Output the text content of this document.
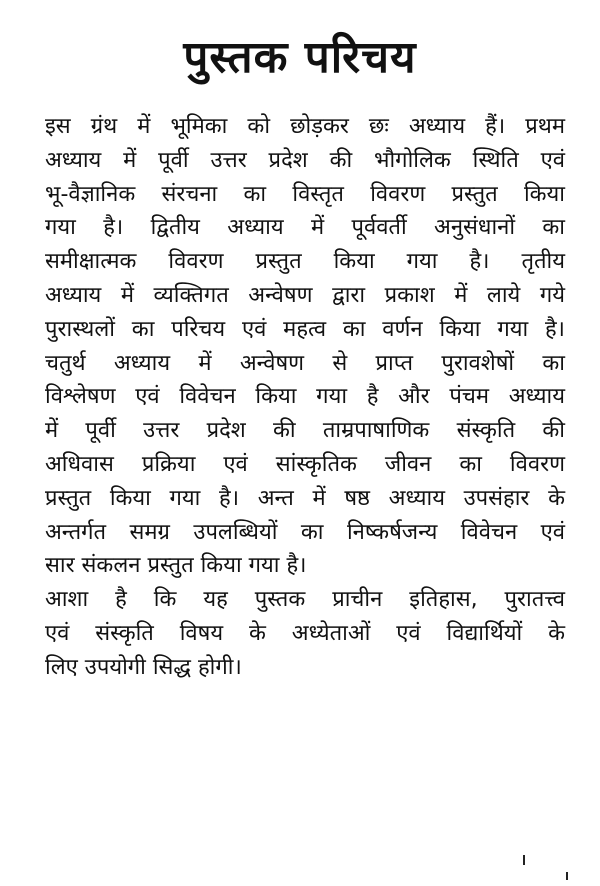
पुस्तक परिचय

इस ग्रंथ में भूमिका को छोड़कर छः अध्याय हैं। प्रथम
अध्याय में पूर्वी उत्तर प्रदेश की भौगोलिक स्थिति एवं
भू-वैज्ञानिक संरचना का विस्तृत विवरण प्रस्तुत किया
गया है। द्वितीय अध्याय में पूर्ववर्ती अनुसंधानों का
समीक्षात्मक विवरण प्रस्तुत किया गया है। तृतीय
अध्याय में व्यक्तिगत अन्वेषण द्वारा प्रकाश में लाये गये
पुरास्थलों का परिचय एवं महत्व का वर्णन किया गया है।
चतुर्थ अध्याय में अन्वेषण से प्राप्त पुरावशेषों का
विश्लेषण एवं विवेचन किया गया है और पंचम अध्याय
में पूर्वी उत्तर प्रदेश की ताम्रपाषाणिक संस्कृति की
अधिवास प्रक्रिया एवं सांस्कृतिक जीवन का विवरण
प्रस्तुत किया गया है। अन्त में षष्ठ अध्याय उपसंहार के
अन्तर्गत समग्र उपलब्धियों का निष्कर्षजन्य विवेचन एवं
सार संकलन प्रस्तुत किया गया है।

आशा है कि यह पुस्तक प्राचीन इतिहास, पुरातत्त्व
एवं संस्कृति विषय के अध्येताओं एवं विद्यार्थियों के
लिए उपयोगी सिद्ध होगी।
